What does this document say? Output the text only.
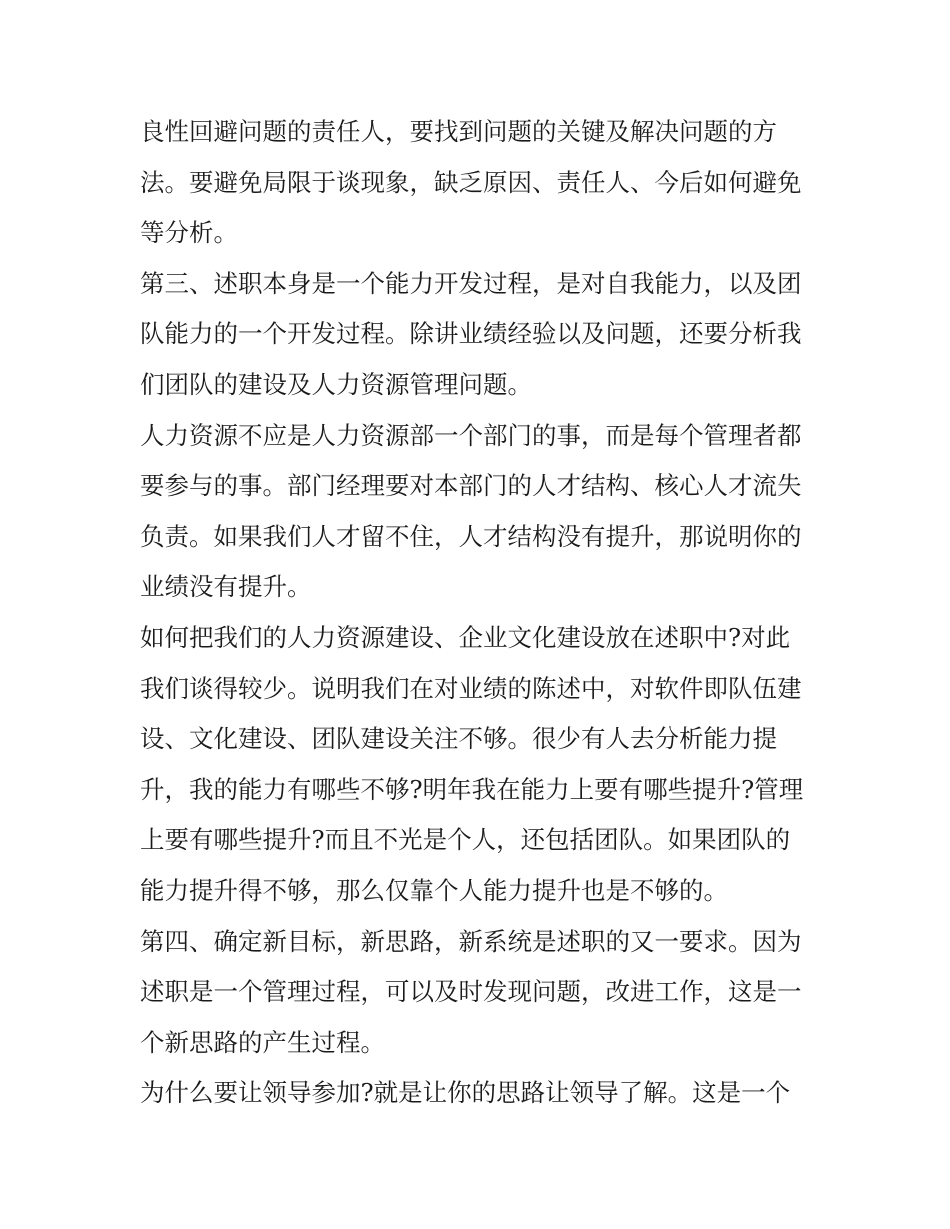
良性回避问题的责任人，要找到问题的关键及解决问题的方
法。要避免局限于谈现象，缺乏原因、责任人、今后如何避免
等分析。
第三、述职本身是一个能力开发过程，是对自我能力，以及团
队能力的一个开发过程。除讲业绩经验以及问题，还要分析我
们团队的建设及人力资源管理问题。
人力资源不应是人力资源部一个部门的事，而是每个管理者都
要参与的事。部门经理要对本部门的人才结构、核心人才流失
负责。如果我们人才留不住，人才结构没有提升，那说明你的
业绩没有提升。
如何把我们的人力资源建设、企业文化建设放在述职中?对此
我们谈得较少。说明我们在对业绩的陈述中，对软件即队伍建
设、文化建设、团队建设关注不够。很少有人去分析能力提
升，我的能力有哪些不够?明年我在能力上要有哪些提升?管理
上要有哪些提升?而且不光是个人，还包括团队。如果团队的
能力提升得不够，那么仅靠个人能力提升也是不够的。
第四、确定新目标，新思路，新系统是述职的又一要求。因为
述职是一个管理过程，可以及时发现问题，改进工作，这是一
个新思路的产生过程。
为什么要让领导参加?就是让你的思路让领导了解。这是一个
